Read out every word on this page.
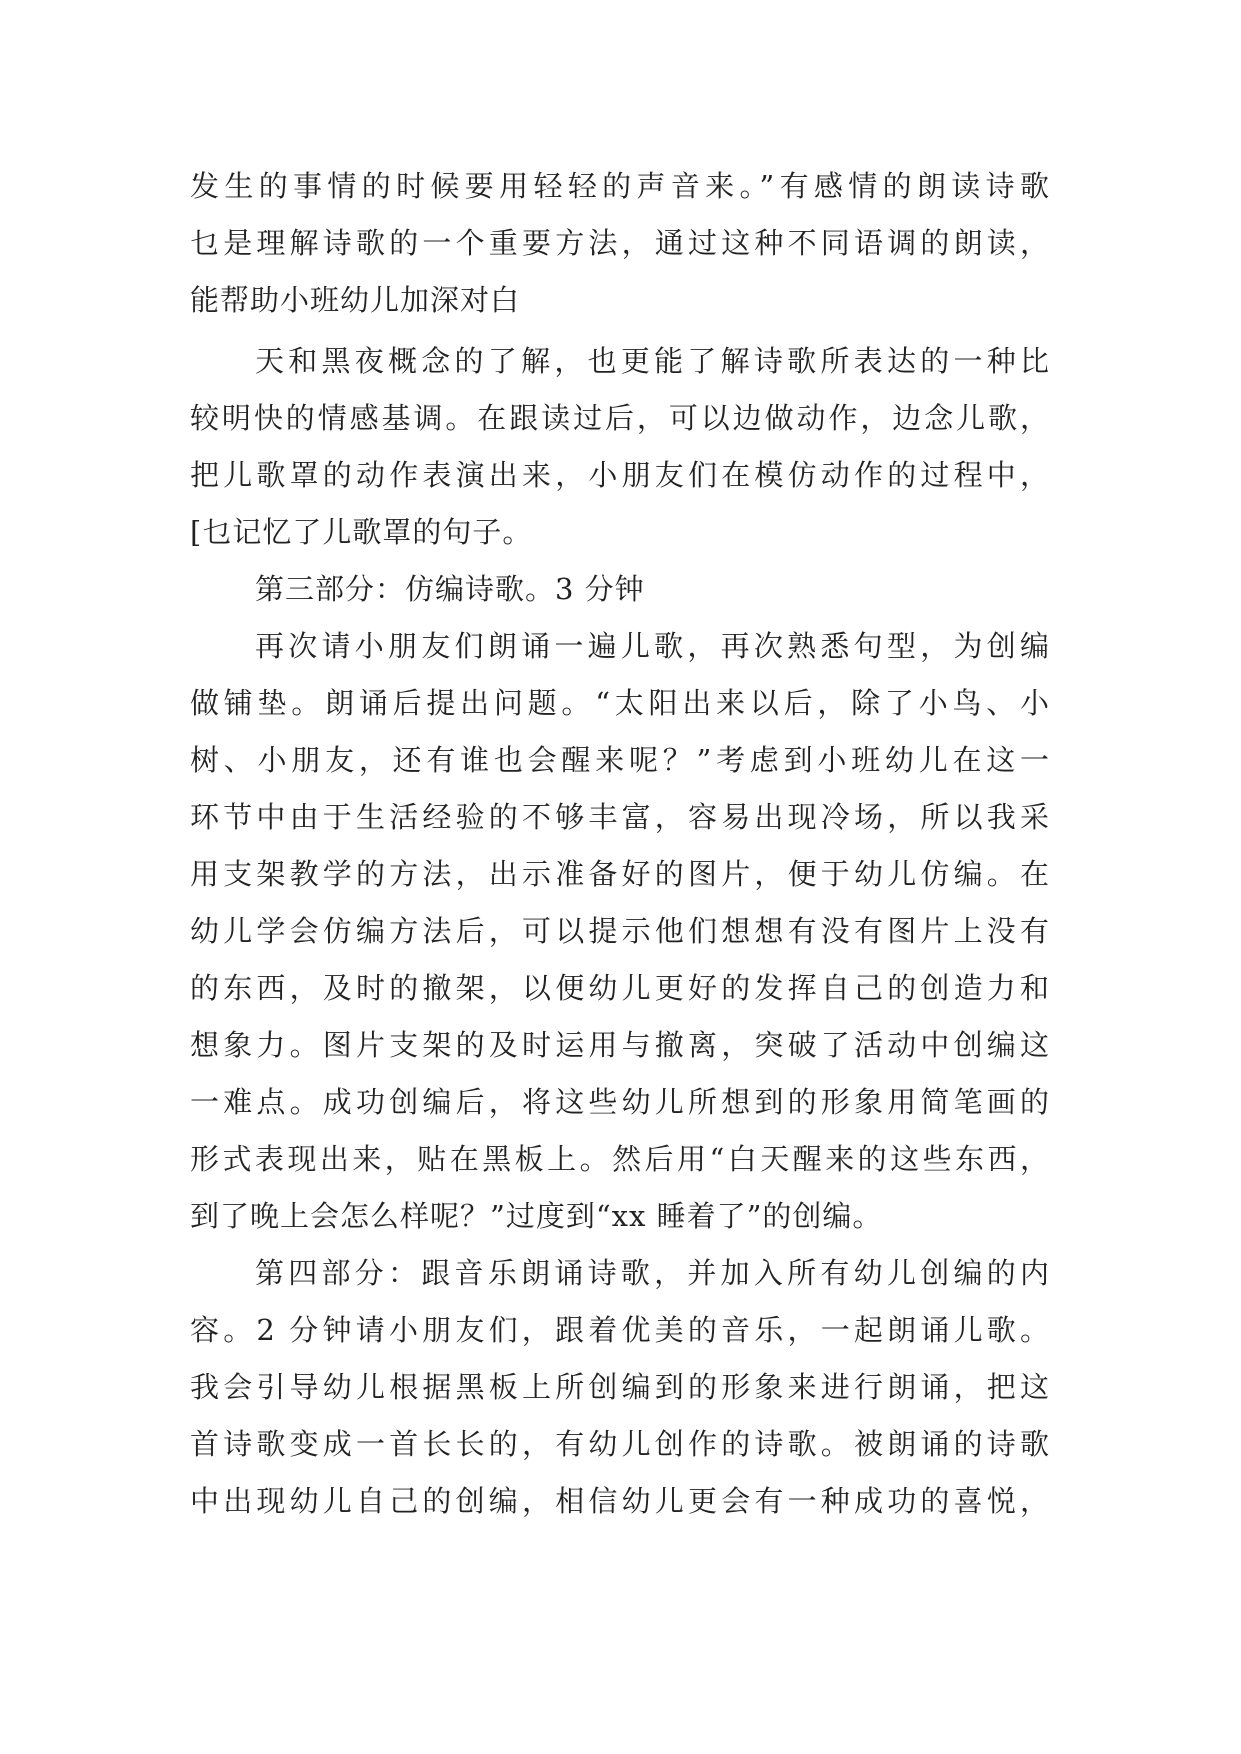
发生的事情的时候要用轻轻的声音来。”有感情的朗读诗歌
乜是理解诗歌的一个重要方法，通过这种不同语调的朗读，
能帮助小班幼儿加深对白
天和黑夜概念的了解，也更能了解诗歌所表达的一种比
较明快的情感基调。在跟读过后，可以边做动作，边念儿歌，
把儿歌罩的动作表演出来，小朋友们在模仿动作的过程中，
[乜记忆了儿歌罩的句子。
第三部分：仿编诗歌。3 分钟
再次请小朋友们朗诵一遍儿歌，再次熟悉句型，为创编
做铺垫。朗诵后提出问题。“太阳出来以后，除了小鸟、小
树、小朋友，还有谁也会醒来呢？”考虑到小班幼儿在这一
环节中由于生活经验的不够丰富，容易出现冷场，所以我采
用支架教学的方法，出示准备好的图片，便于幼儿仿编。在
幼儿学会仿编方法后，可以提示他们想想有没有图片上没有
的东西，及时的撤架，以便幼儿更好的发挥自己的创造力和
想象力。图片支架的及时运用与撤离，突破了活动中创编这
一难点。成功创编后，将这些幼儿所想到的形象用简笔画的
形式表现出来，贴在黑板上。然后用“白天醒来的这些东西，
到了晚上会怎么样呢？”过度到“xx 睡着了”的创编。
第四部分：跟音乐朗诵诗歌，并加入所有幼儿创编的内
容。2 分钟请小朋友们，跟着优美的音乐，一起朗诵儿歌。
我会引导幼儿根据黑板上所创编到的形象来进行朗诵，把这
首诗歌变成一首长长的，有幼儿创作的诗歌。被朗诵的诗歌
中出现幼儿自己的创编，相信幼儿更会有一种成功的喜悦，
